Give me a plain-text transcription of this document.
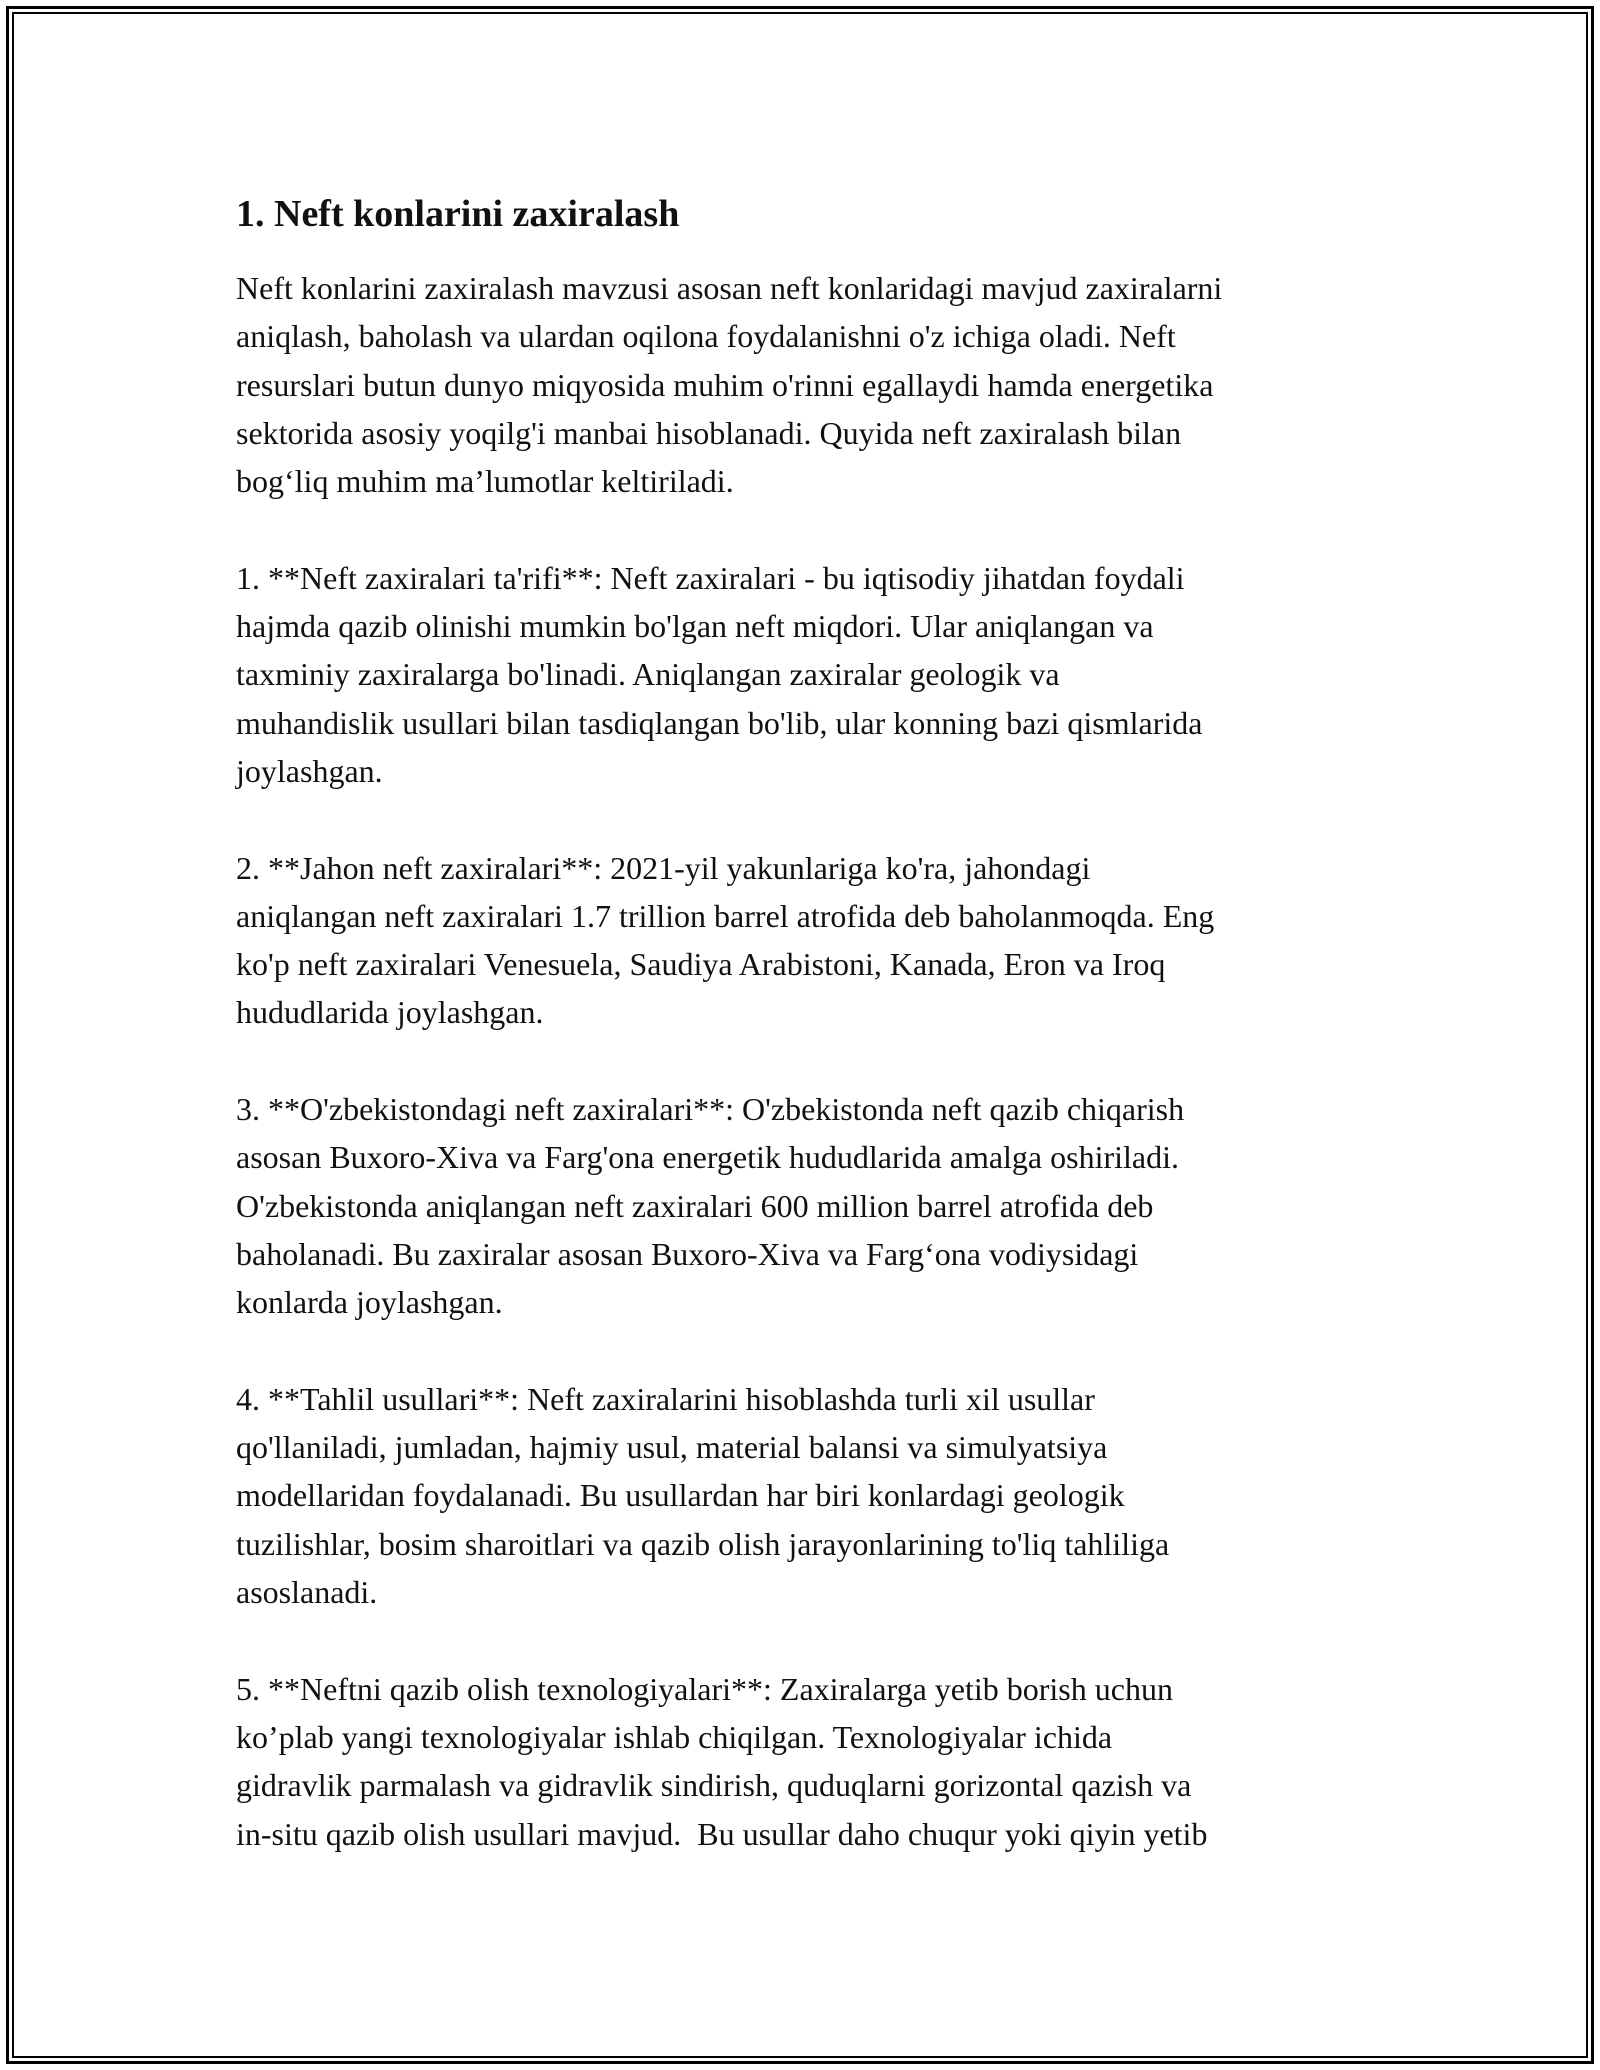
1. Neft konlarini zaxiralash

Neft konlarini zaxiralash mavzusi asosan neft konlaridagi mavjud zaxiralarni
aniqlash, baholash va ulardan oqilona foydalanishni o'z ichiga oladi. Neft
resurslari butun dunyo miqyosida muhim o'rinni egallaydi hamda energetika
sektorida asosiy yoqilg'i manbai hisoblanadi. Quyida neft zaxiralash bilan
bog‘liq muhim ma’lumotlar keltiriladi.

1. **Neft zaxiralari ta'rifi**: Neft zaxiralari - bu iqtisodiy jihatdan foydali
hajmda qazib olinishi mumkin bo'lgan neft miqdori. Ular aniqlangan va
taxminiy zaxiralarga bo'linadi. Aniqlangan zaxiralar geologik va
muhandislik usullari bilan tasdiqlangan bo'lib, ular konning bazi qismlarida
joylashgan.

2. **Jahon neft zaxiralari**: 2021-yil yakunlariga ko'ra, jahondagi
aniqlangan neft zaxiralari 1.7 trillion barrel atrofida deb baholanmoqda. Eng
ko'p neft zaxiralari Venesuela, Saudiya Arabistoni, Kanada, Eron va Iroq
hududlarida joylashgan.

3. **O'zbekistondagi neft zaxiralari**: O'zbekistonda neft qazib chiqarish
asosan Buxoro-Xiva va Farg'ona energetik hududlarida amalga oshiriladi.
O'zbekistonda aniqlangan neft zaxiralari 600 million barrel atrofida deb
baholanadi. Bu zaxiralar asosan Buxoro-Xiva va Farg‘ona vodiysidagi
konlarda joylashgan.

4. **Tahlil usullari**: Neft zaxiralarini hisoblashda turli xil usullar
qo'llaniladi, jumladan, hajmiy usul, material balansi va simulyatsiya
modellaridan foydalanadi. Bu usullardan har biri konlardagi geologik
tuzilishlar, bosim sharoitlari va qazib olish jarayonlarining to'liq tahliliga
asoslanadi.

5. **Neftni qazib olish texnologiyalari**: Zaxiralarga yetib borish uchun
ko’plab yangi texnologiyalar ishlab chiqilgan. Texnologiyalar ichida
gidravlik parmalash va gidravlik sindirish, quduqlarni gorizontal qazish va
in-situ qazib olish usullari mavjud.  Bu usullar daho chuqur yoki qiyin yetib
